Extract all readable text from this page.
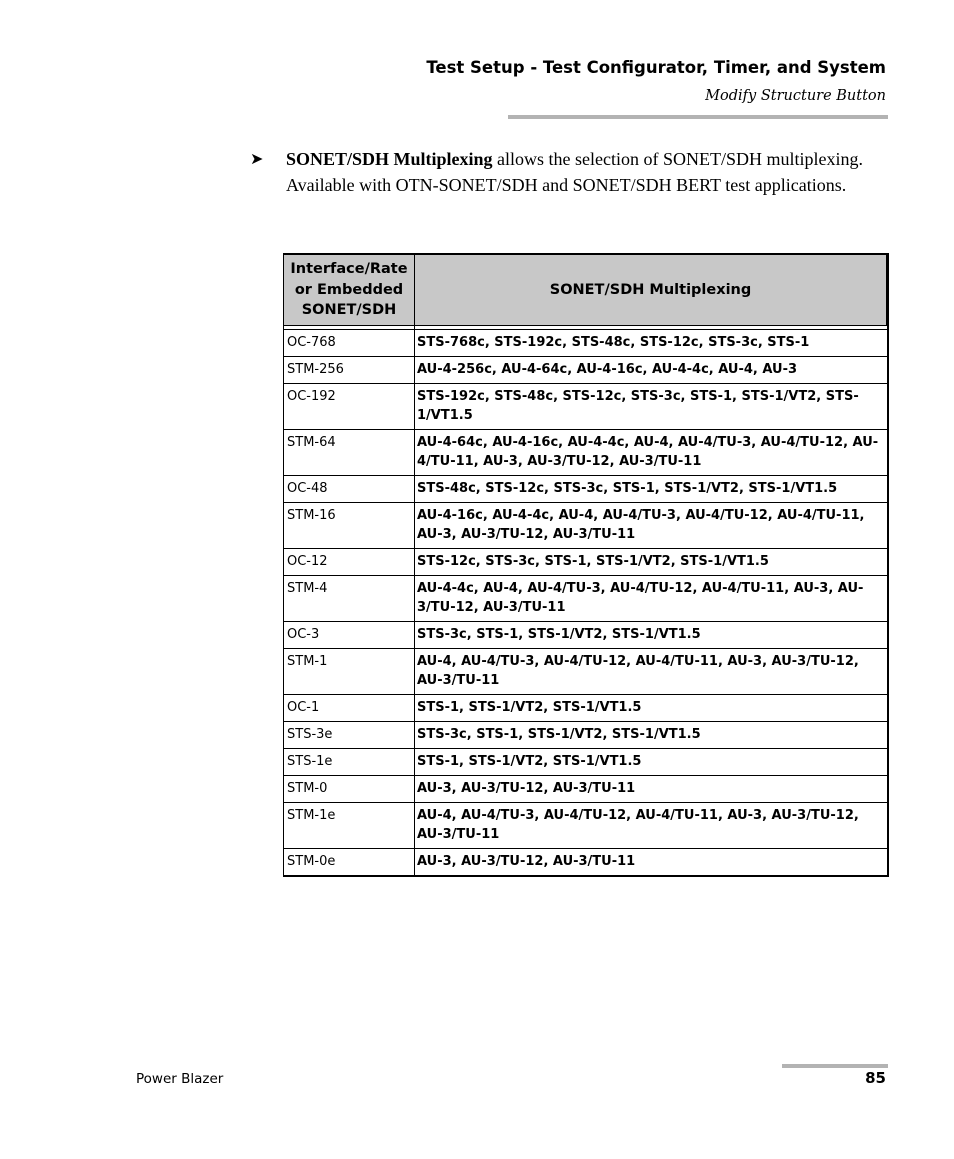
Test Setup - Test Configurator, Timer, and System
Modify Structure Button
➤ SONET/SDH Multiplexing allows the selection of SONET/SDH multiplexing. Available with OTN-SONET/SDH and SONET/SDH BERT test applications.
Interface/Rate or Embedded SONET/SDH	SONET/SDH Multiplexing

OC-768	STS-768c, STS-192c, STS-48c, STS-12c, STS-3c, STS-1
STM-256	AU-4-256c, AU-4-64c, AU-4-16c, AU-4-4c, AU-4, AU-3
OC-192	STS-192c, STS-48c, STS-12c, STS-3c, STS-1, STS-1/VT2, STS-1/VT1.5
STM-64	AU-4-64c, AU-4-16c, AU-4-4c, AU-4, AU-4/TU-3, AU-4/TU-12, AU-4/TU-11, AU-3, AU-3/TU-12, AU-3/TU-11
OC-48	STS-48c, STS-12c, STS-3c, STS-1, STS-1/VT2, STS-1/VT1.5
STM-16	AU-4-16c, AU-4-4c, AU-4, AU-4/TU-3, AU-4/TU-12, AU-4/TU-11, AU-3, AU-3/TU-12, AU-3/TU-11
OC-12	STS-12c, STS-3c, STS-1, STS-1/VT2, STS-1/VT1.5
STM-4	AU-4-4c, AU-4, AU-4/TU-3, AU-4/TU-12, AU-4/TU-11, AU-3, AU-3/TU-12, AU-3/TU-11
OC-3	STS-3c, STS-1, STS-1/VT2, STS-1/VT1.5
STM-1	AU-4, AU-4/TU-3, AU-4/TU-12, AU-4/TU-11, AU-3, AU-3/TU-12, AU-3/TU-11
OC-1	STS-1, STS-1/VT2, STS-1/VT1.5
STS-3e	STS-3c, STS-1, STS-1/VT2, STS-1/VT1.5
STS-1e	STS-1, STS-1/VT2, STS-1/VT1.5
STM-0	AU-3, AU-3/TU-12, AU-3/TU-11
STM-1e	AU-4, AU-4/TU-3, AU-4/TU-12, AU-4/TU-11, AU-3, AU-3/TU-12, AU-3/TU-11
STM-0e	AU-3, AU-3/TU-12, AU-3/TU-11
Power Blazer	85
